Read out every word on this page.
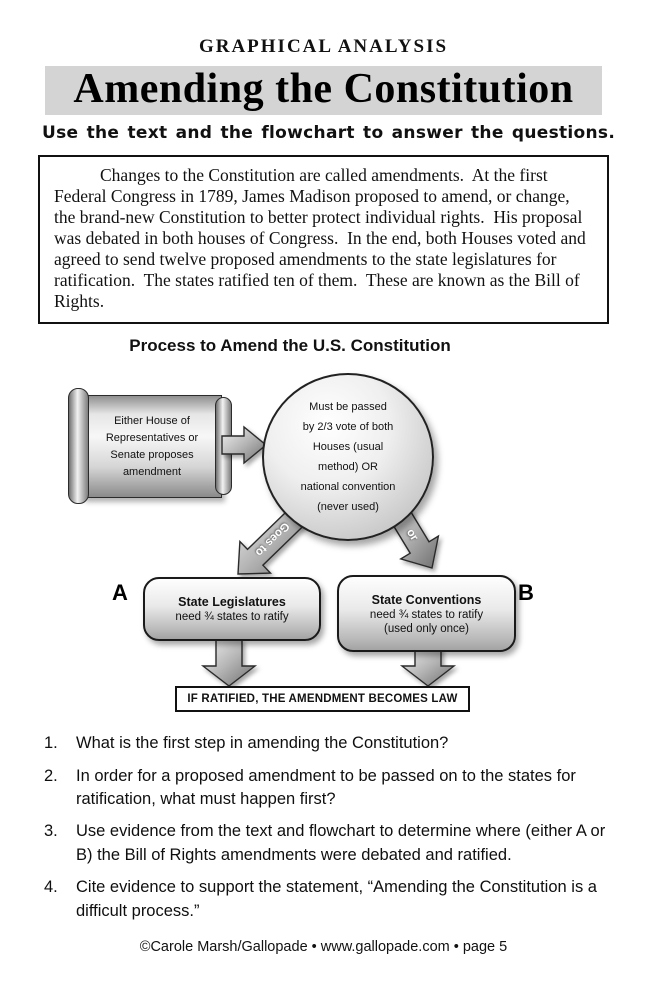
GRAPHICAL ANALYSIS
Amending the Constitution
Use the text and the flowchart to answer the questions.

Changes to the Constitution are called amendments.  At the first Federal Congress in 1789, James Madison proposed to amend, or change, the brand-new Constitution to better protect individual rights.  His proposal was debated in both houses of Congress.  In the end, both Houses voted and agreed to send twelve proposed amendments to the state legislatures for ratification.  The states ratified ten of them.  These are known as the Bill of Rights.

Process to Amend the U.S. Constitution
Either House of
Representatives or
Senate proposes
amendment
Must be passed
by 2/3 vote of both
Houses (usual
method) OR
national convention
(never used)
Goes to	or
A	B
State Legislatures
need ¾ states to ratify
State Conventions
need ¾ states to ratify
(used only once)
IF RATIFIED, THE AMENDMENT BECOMES LAW
1.	What is the first step in amending the Constitution?
2.	In order for a proposed amendment to be passed on to the states for ratification, what must happen first?
3.	Use evidence from the text and flowchart to determine where (either A or B) the Bill of Rights amendments were debated and ratified.
4.	Cite evidence to support the statement, “Amending the Constitution is a difficult process.”
©Carole Marsh/Gallopade • www.gallopade.com • page 5
